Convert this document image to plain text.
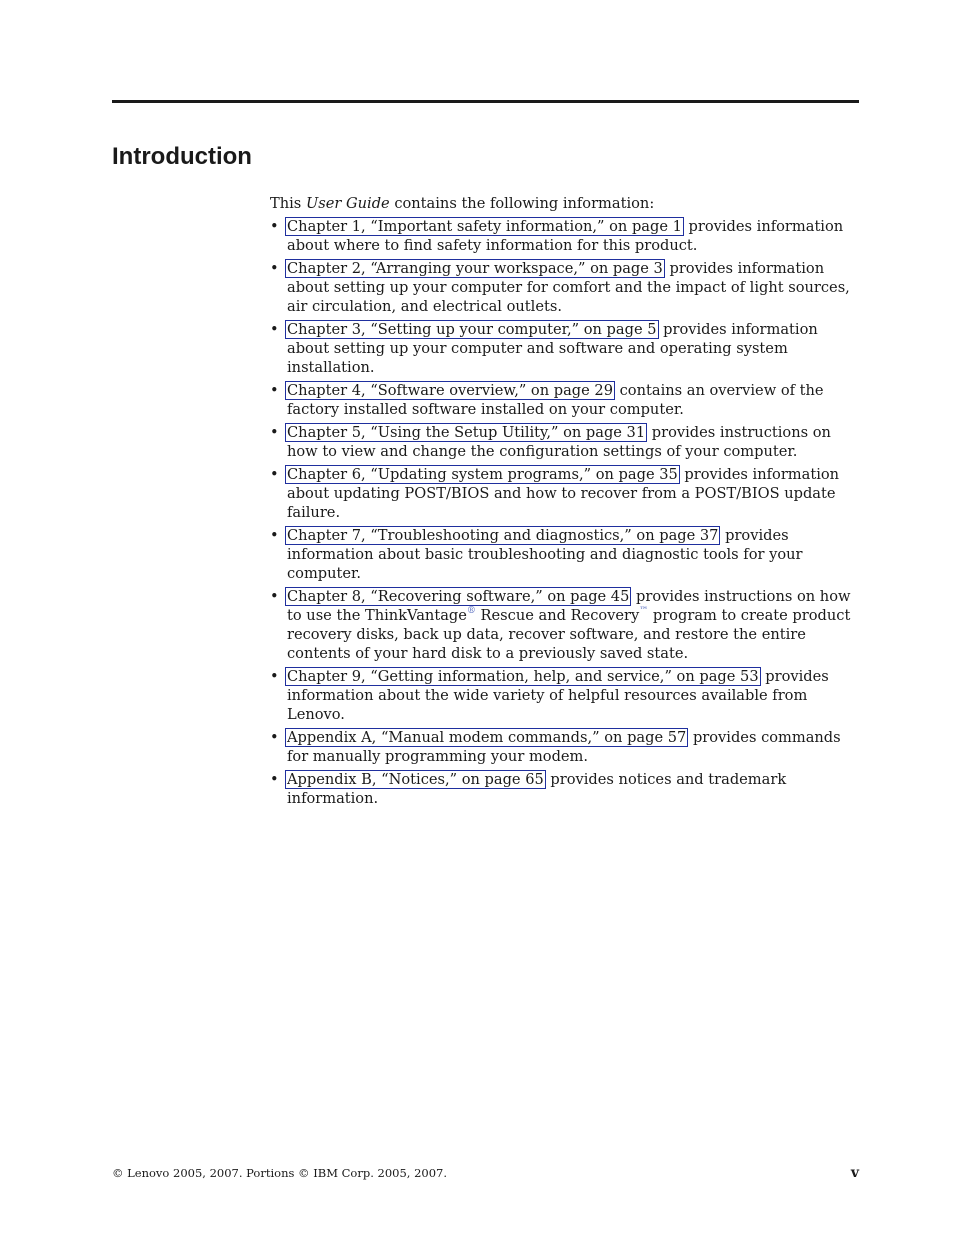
Introduction

This User Guide contains the following information:

• Chapter 1, “Important safety information,” on page 1 provides information about where to find safety information for this product.
• Chapter 2, “Arranging your workspace,” on page 3 provides information about setting up your computer for comfort and the impact of light sources, air circulation, and electrical outlets.
• Chapter 3, “Setting up your computer,” on page 5 provides information about setting up your computer and software and operating system installation.
• Chapter 4, “Software overview,” on page 29 contains an overview of the factory installed software installed on your computer.
• Chapter 5, “Using the Setup Utility,” on page 31 provides instructions on how to view and change the configuration settings of your computer.
• Chapter 6, “Updating system programs,” on page 35 provides information about updating POST/BIOS and how to recover from a POST/BIOS update failure.
• Chapter 7, “Troubleshooting and diagnostics,” on page 37 provides information about basic troubleshooting and diagnostic tools for your computer.
• Chapter 8, “Recovering software,” on page 45 provides instructions on how to use the ThinkVantage® Rescue and Recovery™ program to create product recovery disks, back up data, recover software, and restore the entire contents of your hard disk to a previously saved state.
• Chapter 9, “Getting information, help, and service,” on page 53 provides information about the wide variety of helpful resources available from Lenovo.
• Appendix A, “Manual modem commands,” on page 57 provides commands for manually programming your modem.
• Appendix B, “Notices,” on page 65 provides notices and trademark information.
© Lenovo 2005, 2007. Portions © IBM Corp. 2005, 2007.	v
